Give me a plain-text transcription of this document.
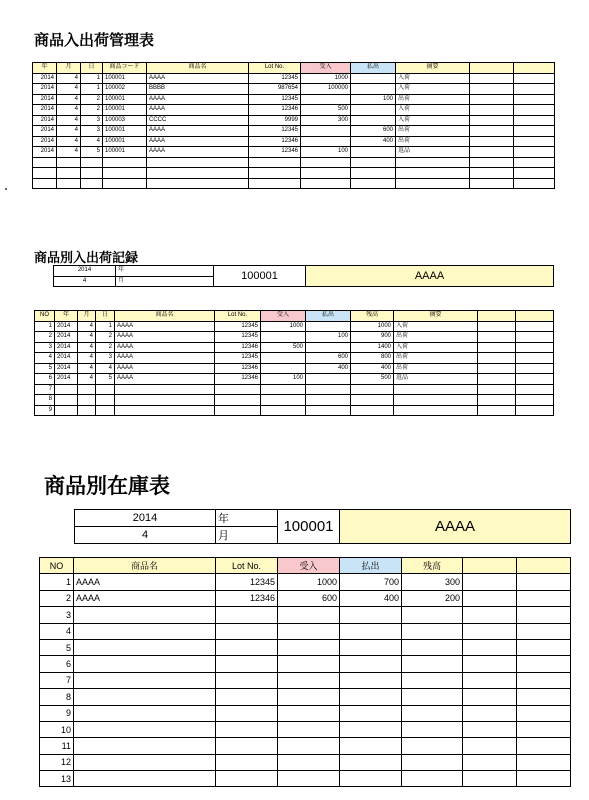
商品入出荷管理表
年	月	日	商品コード	商品名	Lot No.	受入	払出	摘要		
2014	4	1	100001	AAAA	12345	1000		入荷		
2014	4	1	100002	BBBB	987654	100000		入荷		
2014	4	2	100001	AAAA	12345		100	出荷		
2014	4	2	100001	AAAA	12346	500		入荷		
2014	4	3	100003	CCCC	9999	300		入荷		
2014	4	3	100001	AAAA	12345		600	出荷		
2014	4	4	100001	AAAA	12346		400	出荷		
2014	4	5	100001	AAAA	12346	100		返品		

商品別入出荷記録
2014	年	100001	AAAA
4	月		
NO	年	月	日	商品名	Lot No.	受入	払出	残高	摘要		
1	2014	4	1	AAAA	12345	1000		1000	入荷		
2	2014	4	2	AAAA	12345		100	900	出荷		
3	2014	4	2	AAAA	12346	500		1400	入荷		
4	2014	4	3	AAAA	12345		600	800	出荷		
5	2014	4	4	AAAA	12346		400	400	出荷		
6	2014	4	5	AAAA	12346	100		500	返品		
7											
8											
9											
商品別在庫表
2014	年	100001	AAAA
4	月		
NO	商品名	Lot No.	受入	払出	残高		
1	AAAA	12345	1000	700	300		
2	AAAA	12346	600	400	200		
3							
4							
5							
6							
7							
8							
9							
10							
11							
12							
13							
